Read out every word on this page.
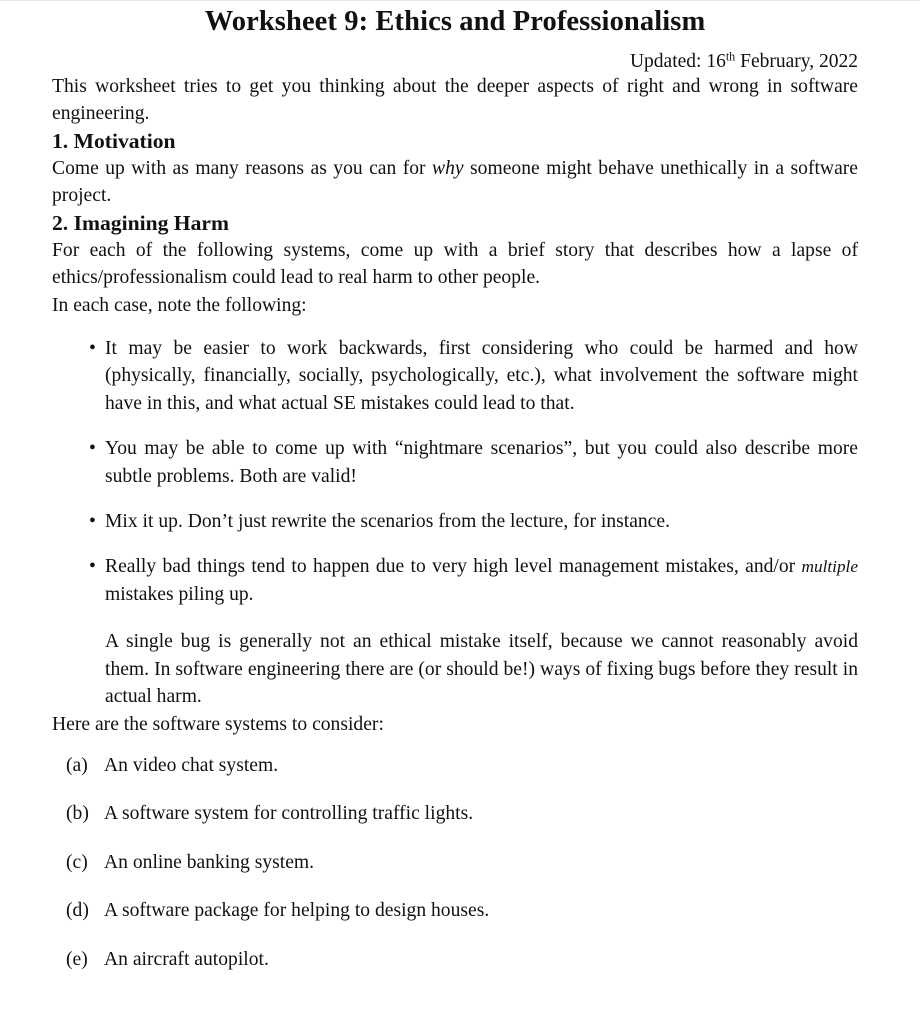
Worksheet 9: Ethics and Professionalism

Updated: 16th February, 2022

This worksheet tries to get you thinking about the deeper aspects of right and wrong in software engineering.

1. Motivation

Come up with as many reasons as you can for why someone might behave unethically in a software project.

2. Imagining Harm

For each of the following systems, come up with a brief story that describes how a lapse of ethics/professionalism could lead to real harm to other people.

In each case, note the following:

• It may be easier to work backwards, first considering who could be harmed and how (physically, financially, socially, psychologically, etc.), what involvement the software might have in this, and what actual SE mistakes could lead to that.
• You may be able to come up with “nightmare scenarios”, but you could also describe more subtle problems. Both are valid!
• Mix it up. Don’t just rewrite the scenarios from the lecture, for instance.
• Really bad things tend to happen due to very high level management mistakes, and/or multiple mistakes piling up.

A single bug is generally not an ethical mistake itself, because we cannot reasonably avoid them. In software engineering there are (or should be!) ways of fixing bugs before they result in actual harm.

Here are the software systems to consider:

(a) An video chat system.
(b) A software system for controlling traffic lights.
(c) An online banking system.
(d) A software package for helping to design houses.
(e) An aircraft autopilot.
